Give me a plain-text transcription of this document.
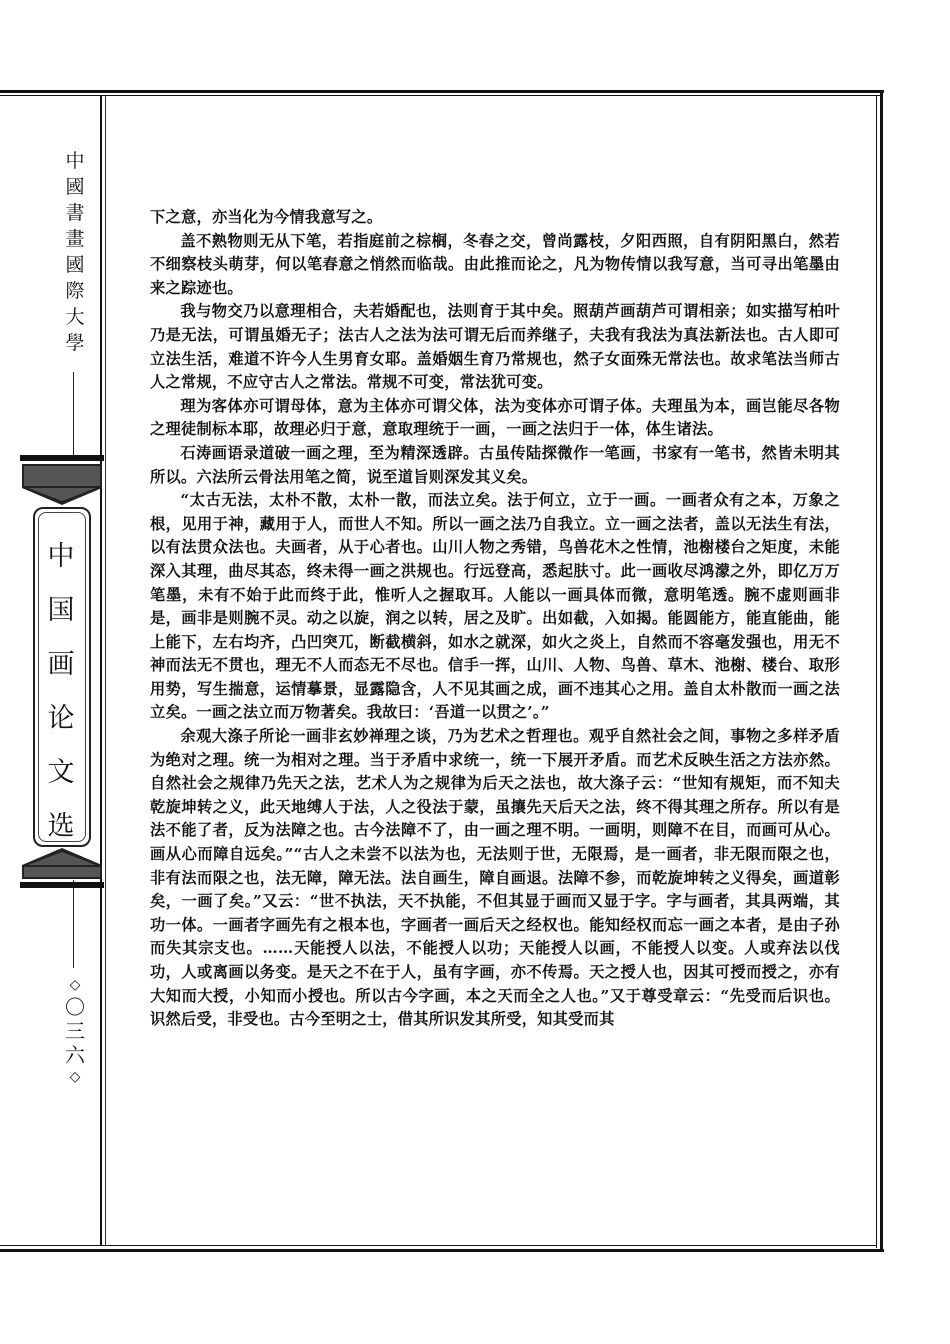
中
國
書
畫
國
際
大
學
中
国
画
论
文
选
◇
〇
三
六
◇

下之意，亦当化为今情我意写之。

盖不熟物则无从下笔，若指庭前之棕榈，冬春之交，曾尚露枝，夕阳西照，自有阴阳黑白，然若不细察枝头萌芽，何以笔春意之悄然而临哉。由此推而论之，凡为物传情以我写意，当可寻出笔墨由来之踪迹也。

我与物交乃以意理相合，夫若婚配也，法则育于其中矣。照葫芦画葫芦可谓相亲；如实描写柏叶乃是无法，可谓虽婚无子；法古人之法为法可谓无后而养继子，夫我有我法为真法新法也。古人即可立法生活，难道不许今人生男育女耶。盖婚姻生育乃常规也，然子女面殊无常法也。故求笔法当师古人之常规，不应守古人之常法。常规不可变，常法犹可变。

理为客体亦可谓母体，意为主体亦可谓父体，法为变体亦可谓子体。夫理虽为本，画岂能尽各物之理徒制标本耶，故理必归于意，意取理统于一画，一画之法归于一体，体生诸法。

石涛画语录道破一画之理，至为精深透辟。古虽传陆探微作一笔画，书家有一笔书，然皆未明其所以。六法所云骨法用笔之简，说至道旨则深发其义矣。

“太古无法，太朴不散，太朴一散，而法立矣。法于何立，立于一画。一画者众有之本，万象之根，见用于神，藏用于人，而世人不知。所以一画之法乃自我立。立一画之法者，盖以无法生有法，以有法贯众法也。夫画者，从于心者也。山川人物之秀错，鸟兽花木之性情，池榭楼台之矩度，未能深入其理，曲尽其态，终未得一画之洪规也。行远登高，悉起肤寸。此一画收尽鸿濛之外，即亿万万笔墨，未有不始于此而终于此，惟听人之握取耳。人能以一画具体而微，意明笔透。腕不虚则画非是，画非是则腕不灵。动之以旋，润之以转，居之及旷。出如截，入如揭。能圆能方，能直能曲，能上能下，左右均齐，凸凹突兀，断截横斜，如水之就深，如火之炎上，自然而不容毫发强也，用无不神而法无不贯也，理无不人而态无不尽也。信手一挥，山川、人物、鸟兽、草木、池榭、楼台、取形用势，写生揣意，运情摹景，显露隐含，人不见其画之成，画不违其心之用。盖自太朴散而一画之法立矣。一画之法立而万物著矣。我故曰：‘吾道一以贯之’。”

余观大涤子所论一画非玄妙禅理之谈，乃为艺术之哲理也。观乎自然社会之间，事物之多样矛盾为绝对之理。统一为相对之理。当于矛盾中求统一，统一下展开矛盾。而艺术反映生活之方法亦然。自然社会之规律乃先天之法，艺术人为之规律为后天之法也，故大涤子云：“世知有规矩，而不知夫乾旋坤转之义，此天地缚人于法，人之役法于蒙，虽攘先天后天之法，终不得其理之所存。所以有是法不能了者，反为法障之也。古今法障不了，由一画之理不明。一画明，则障不在目，而画可从心。画从心而障自远矣。”“古人之未尝不以法为也，无法则于世，无限焉，是一画者，非无限而限之也，非有法而限之也，法无障，障无法。法自画生，障自画退。法障不参，而乾旋坤转之义得矣，画道彰矣，一画了矣。”又云：“世不执法，天不执能，不但其显于画而又显于字。字与画者，其具两端，其功一体。一画者字画先有之根本也，字画者一画后天之经权也。能知经权而忘一画之本者，是由子孙而失其宗支也。……天能授人以法，不能授人以功；天能授人以画，不能授人以变。人或弃法以伐功，人或离画以务变。是天之不在于人，虽有字画，亦不传焉。天之授人也，因其可授而授之，亦有大知而大授，小知而小授也。所以古今字画，本之天而全之人也。”又于尊受章云：“先受而后识也。识然后受，非受也。古今至明之士，借其所识发其所受，知其受而其
